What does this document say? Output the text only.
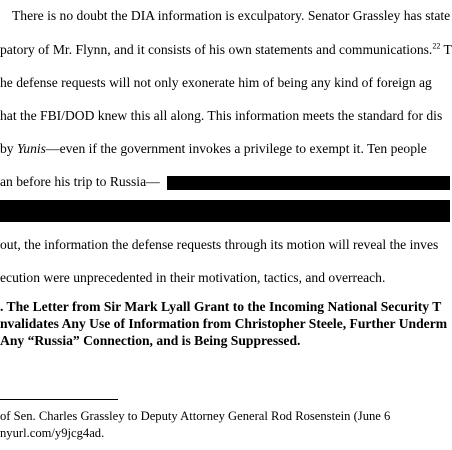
There is no doubt the DIA information is exculpatory. Senator Grassley has state
patory of Mr. Flynn, and it consists of his own statements and communications.$^{22}$ T
he defense requests will not only exonerate him of being any kind of foreign ag
hat the FBI/DOD knew this all along. This information meets the standard for dis
by Yunis—even if the government invokes a privilege to exempt it. Ten people
an before his trip to Russia—
out, the information the defense requests through its motion will reveal the inves
ecution were unprecedented in their motivation, tactics, and overreach.
. The Letter from Sir Mark Lyall Grant to the Incoming National Security T
nvalidates Any Use of Information from Christopher Steele, Further Underm
Any “Russia” Connection, and is Being Suppressed.
of Sen. Charles Grassley to Deputy Attorney General Rod Rosenstein (June 6
nyurl.com/y9jcg4ad.
